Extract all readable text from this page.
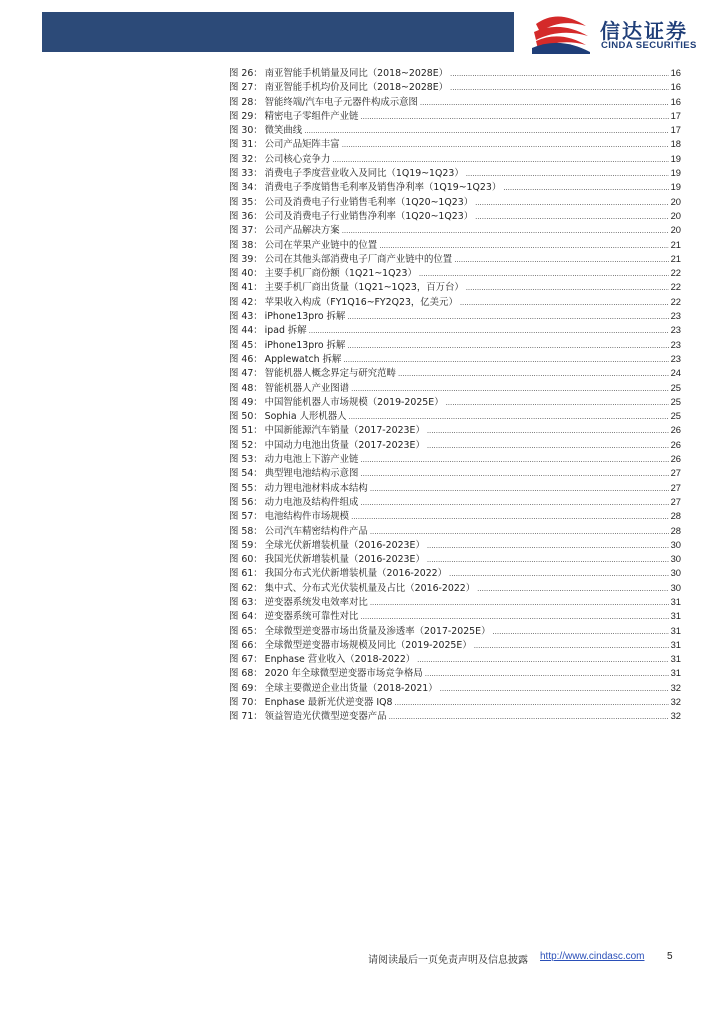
信达证券
CINDA SECURITIES
图 26： 南亚智能手机销量及同比（2018~2028E） .....	16
图 27： 南亚智能手机均价及同比（2018~2028E） .....	16
图 28： 智能终端/汽车电子元器件构成示意图 .....	16
图 29： 精密电子零组件产业链 .....	17
图 30： 微笑曲线 .....	17
图 31： 公司产品矩阵丰富 .....	18
图 32： 公司核心竞争力 .....	19
图 33： 消费电子季度营业收入及同比（1Q19~1Q23） .....	19
图 34： 消费电子季度销售毛利率及销售净利率（1Q19~1Q23） .....	19
图 35： 公司及消费电子行业销售毛利率（1Q20~1Q23） .....	20
图 36： 公司及消费电子行业销售净利率（1Q20~1Q23） .....	20
图 37： 公司产品解决方案 .....	20
图 38： 公司在苹果产业链中的位置 .....	21
图 39： 公司在其他头部消费电子厂商产业链中的位置 .....	21
图 40： 主要手机厂商份额（1Q21~1Q23） .....	22
图 41： 主要手机厂商出货量（1Q21~1Q23，百万台） .....	22
图 42： 苹果收入构成（FY1Q16~FY2Q23，亿美元） .....	22
图 43： iPhone13pro 拆解 .....	23
图 44： ipad 拆解 .....	23
图 45： iPhone13pro 拆解 .....	23
图 46： Applewatch 拆解 .....	23
图 47： 智能机器人概念界定与研究范畴 .....	24
图 48： 智能机器人产业图谱 .....	25
图 49： 中国智能机器人市场规模（2019-2025E） .....	25
图 50： Sophia 人形机器人 .....	25
图 51： 中国新能源汽车销量（2017-2023E） .....	26
图 52： 中国动力电池出货量（2017-2023E） .....	26
图 53： 动力电池上下游产业链 .....	26
图 54： 典型锂电池结构示意图 .....	27
图 55： 动力锂电池材料成本结构 .....	27
图 56： 动力电池及结构件组成 .....	27
图 57： 电池结构件市场规模 .....	28
图 58： 公司汽车精密结构件产品 .....	28
图 59： 全球光伏新增装机量（2016-2023E） .....	30
图 60： 我国光伏新增装机量（2016-2023E） .....	30
图 61： 我国分布式光伏新增装机量（2016-2022） .....	30
图 62： 集中式、分布式光伏装机量及占比（2016-2022） .....	30
图 63： 逆变器系统发电效率对比 .....	31
图 64： 逆变器系统可靠性对比 .....	31
图 65： 全球微型逆变器市场出货量及渗透率（2017-2025E） .....	31
图 66： 全球微型逆变器市场规模及同比（2019-2025E） .....	31
图 67： Enphase 营业收入（2018-2022） .....	31
图 68： 2020 年全球微型逆变器市场竞争格局 .....	31
图 69： 全球主要微逆企业出货量（2018-2021） .....	32
图 70： Enphase 最新光伏逆变器 IQ8 .....	32
图 71： 领益智造光伏微型逆变器产品 .....	32
请阅读最后一页免责声明及信息披露 http://www.cindasc.com 5
